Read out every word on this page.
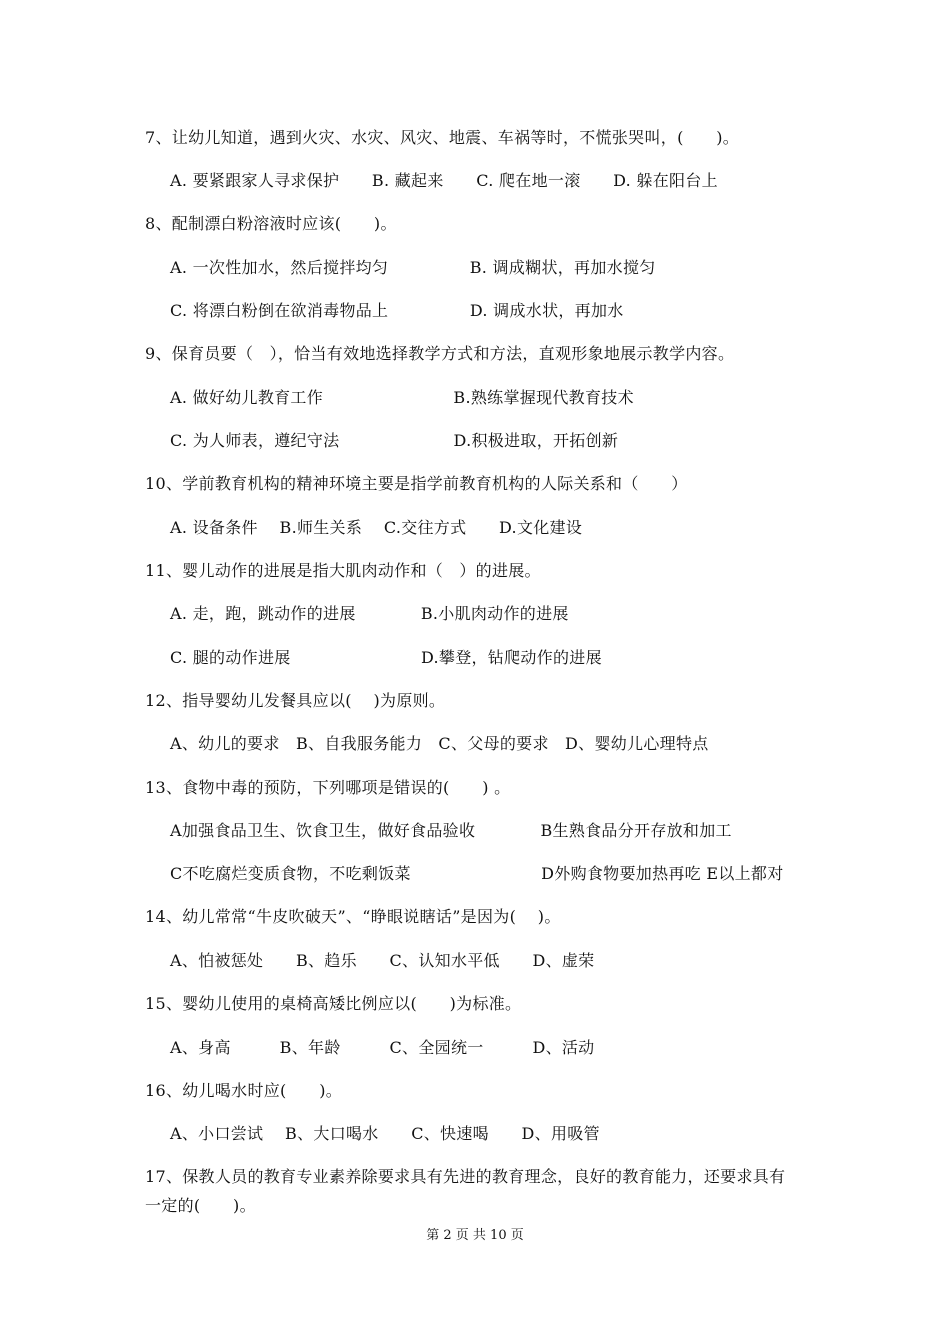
7、让幼儿知道，遇到火灾、水灾、风灾、地震、车祸等时，不慌张哭叫，(　　)。
A. 要紧跟家人寻求保护　　B. 藏起来　　C. 爬在地一滚　　D. 躲在阳台上
8、配制漂白粉溶液时应该(　　)。
A. 一次性加水，然后搅拌均匀　　　　　B. 调成糊状，再加水搅匀
C. 将漂白粉倒在欲消毒物品上　　　　　D. 调成水状，再加水
9、保育员要（　），恰当有效地选择教学方式和方法，直观形象地展示教学内容。
A. 做好幼儿教育工作　　　　　　　　B.熟练掌握现代教育技术
C. 为人师表，遵纪守法　　　　　　　D.积极进取，开拓创新
10、学前教育机构的精神环境主要是指学前教育机构的人际关系和（　　）
A. 设备条件　 B.师生关系　 C.交往方式　　D.文化建设
11、婴儿动作的进展是指大肌肉动作和（　）的进展。
A. 走，跑，跳动作的进展　　　　B.小肌肉动作的进展
C. 腿的动作进展　　　　　　　　D.攀登，钻爬动作的进展
12、指导婴幼儿发餐具应以(　 )为原则。
A、幼儿的要求　B、自我服务能力　C、父母的要求　D、婴幼儿心理特点
13、食物中毒的预防，下列哪项是错误的(　　) 。
A加强食品卫生、饮食卫生，做好食品验收　　　　B生熟食品分开存放和加工
C不吃腐烂变质食物，不吃剩饭菜　　　　　　　　D外购食物要加热再吃 E以上都对
14、幼儿常常“牛皮吹破天”、“睁眼说瞎话”是因为(　 )。
A、怕被惩处　　B、趋乐　　C、认知水平低　　D、虚荣
15、婴幼儿使用的桌椅高矮比例应以(　　)为标准。
A、身高　　　B、年龄　　　C、全园统一　　　D、活动
16、幼儿喝水时应(　　)。
A、小口尝试　 B、大口喝水　　C、快速喝　　D、用吸管
17、保教人员的教育专业素养除要求具有先进的教育理念，良好的教育能力，还要求具有
一定的(　　)。
第 2 页 共 10 页
